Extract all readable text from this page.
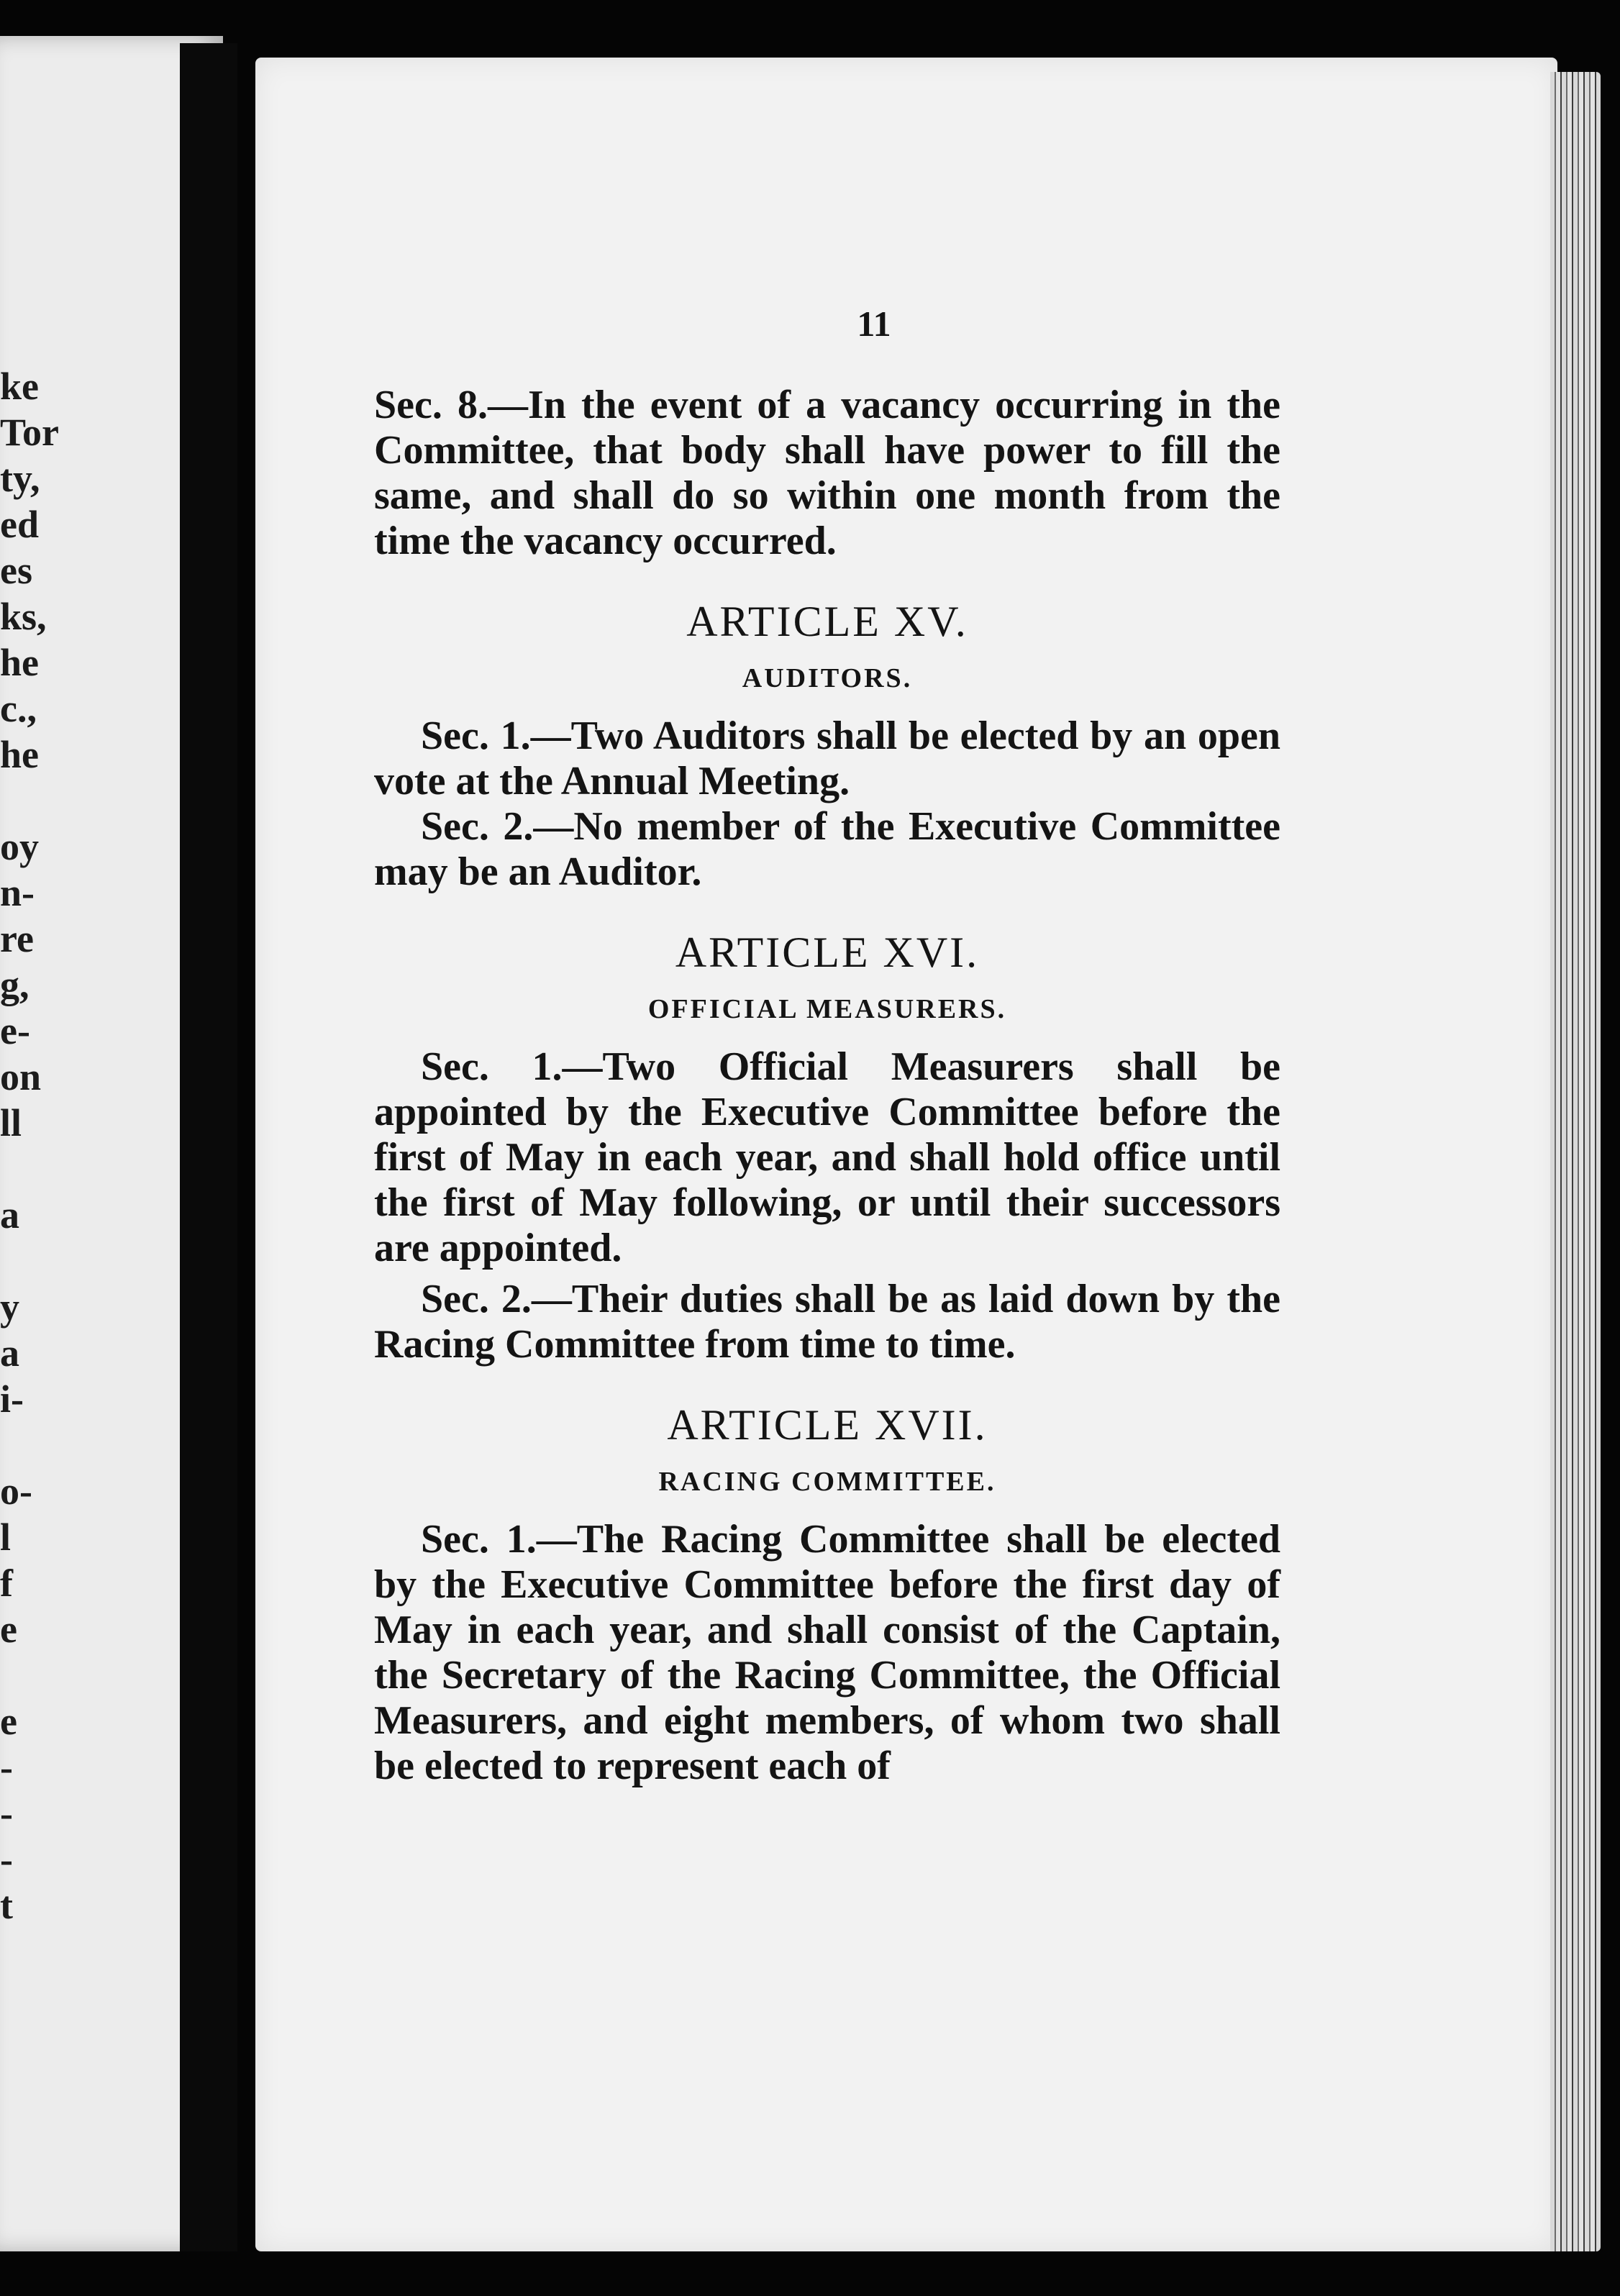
ke
Tor
ty,
ed
es
ks,
he
c.,
he
oy
n-
re
g,
e-
on
ll
a
y
a
i-
o-
l
f
e
e
-
-
-
t
11

Sec. 8.—In the event of a vacancy occurring in the Committee, that body shall have power to fill the same, and shall do so within one month from the time the vacancy occurred.

ARTICLE XV.
AUDITORS.

Sec. 1.—Two Auditors shall be elected by an open vote at the Annual Meeting.

Sec. 2.—No member of the Executive Committee may be an Auditor.

ARTICLE XVI.
OFFICIAL MEASURERS.

Sec. 1.—Two Official Measurers shall be appointed by the Executive Committee before the first of May in each year, and shall hold office until the first of May following, or until their successors are appointed.

Sec. 2.—Their duties shall be as laid down by the Racing Committee from time to time.

ARTICLE XVII.
RACING COMMITTEE.

Sec. 1.—The Racing Committee shall be elected by the Executive Committee before the first day of May in each year, and shall consist of the Captain, the Secretary of the Racing Committee, the Official Measurers, and eight members, of whom two shall be elected to represent each of
